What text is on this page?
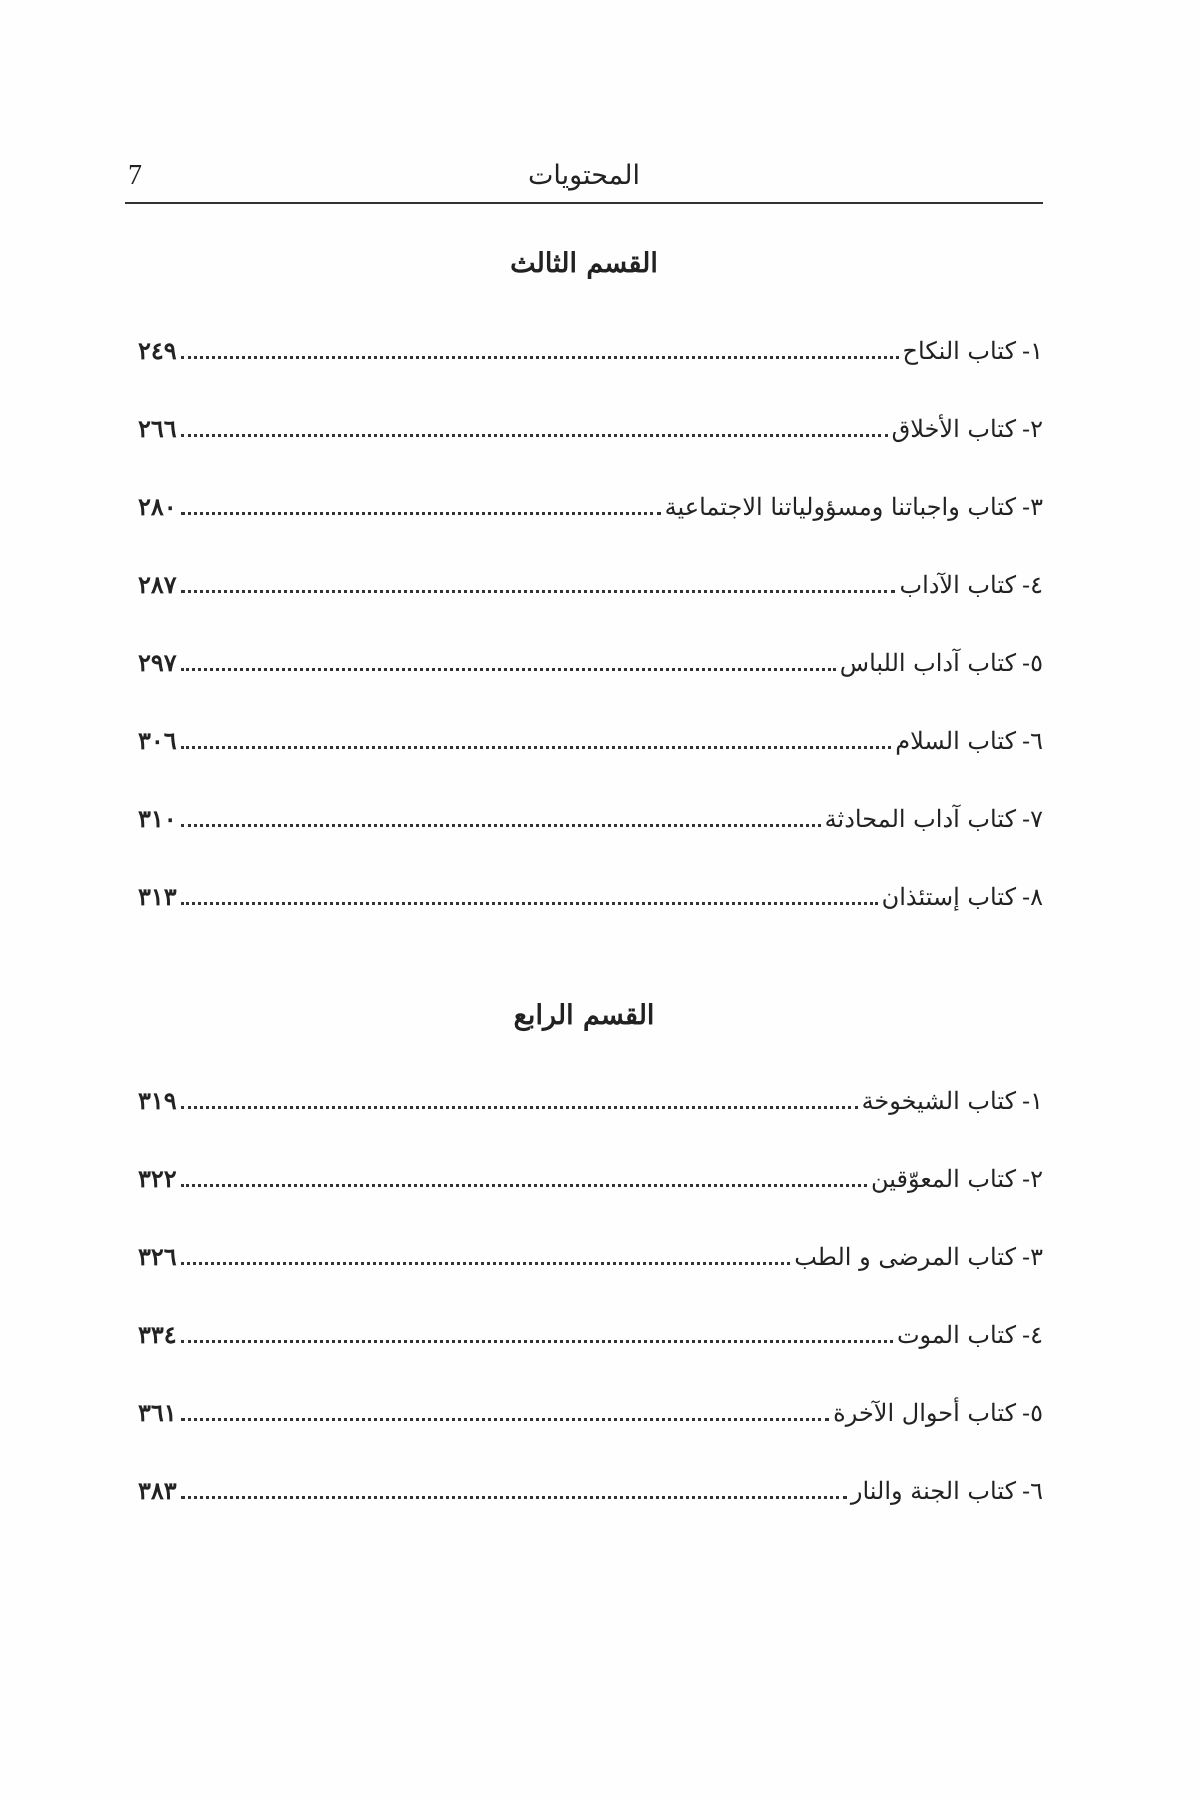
7	المحتويات
القسم الثالث
١-
كتاب النكاح
٢٤٩
٢-
كتاب الأخلاق
٢٦٦
٣-
كتاب واجباتنا ومسؤولياتنا الاجتماعية
٢٨٠
٤-
كتاب الآداب
٢٨٧
٥-
كتاب آداب اللباس
٢٩٧
٦-
كتاب السلام
٣٠٦
٧-
كتاب آداب المحادثة
٣١٠
٨-
كتاب إستئذان
٣١٣
القسم الرابع
١-
كتاب الشيخوخة
٣١٩
٢-
كتاب المعوّقين
٣٢٢
٣-
كتاب المرضى و الطب
٣٢٦
٤-
كتاب الموت
٣٣٤
٥-
كتاب أحوال الآخرة
٣٦١
٦-
كتاب الجنة والنار
٣٨٣
